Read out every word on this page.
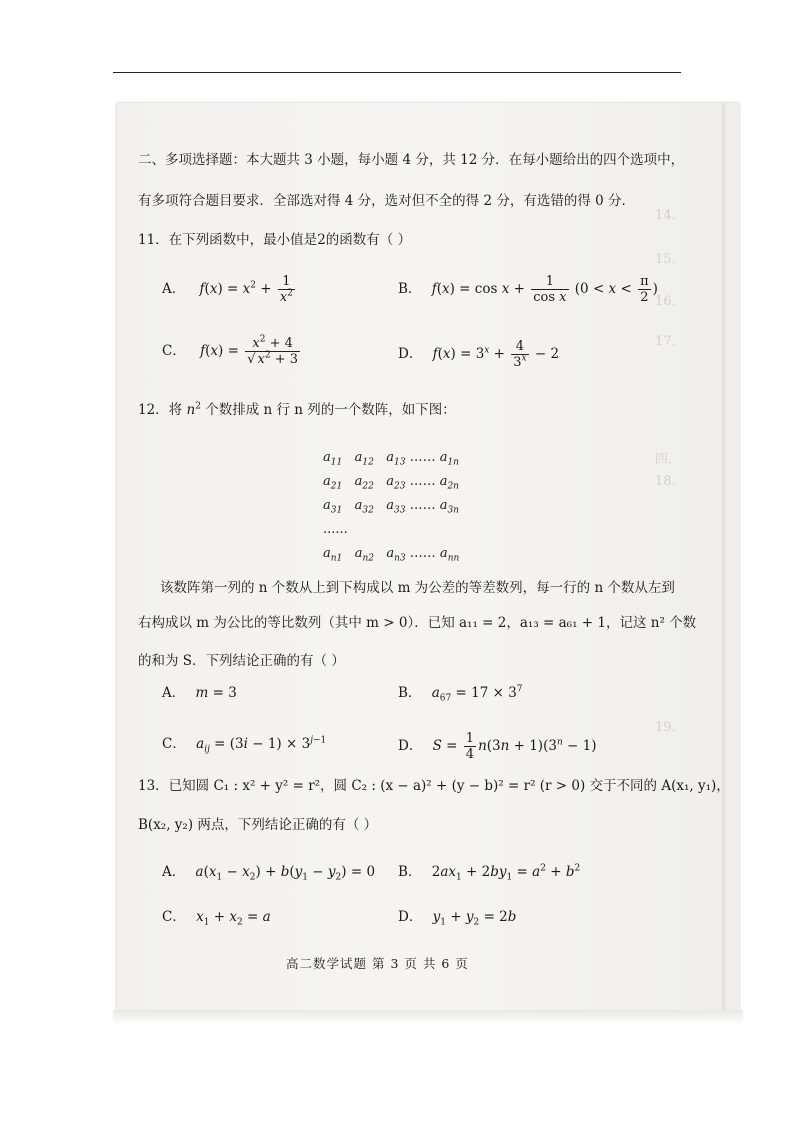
14．
15．
16．
17．
四．
18．
19．
二、多项选择题：本大题共 3 小题，每小题 4 分，共 12 分．在每小题给出的四个选项中，
有多项符合题目要求．全部选对得 4 分，选对但不全的得 2 分，有选错的得 0 分．
11．在下列函数中，最小值是2的函数有（ ）
A． $f(x) = x^2 + \frac{1}{x^2}$	B． $f(x) = \cos x + \frac{1}{\text{cos x}} (0 < x < \frac{\pi}{2}$ )
C． $f(x) = \frac{x^2 + 4}{√ x^2 + 3}$	D． $f(x) = 3^x + \frac{4}{3^x} - 2$
12．将 $n^2$ 个数排成 n 行 n 列的一个数阵，如下图：
$a_{11}$   $a_{12}$   $a_{13}$ …… $a_{1n}$
$a_{21}$   $a_{22}$   $a_{23}$ …… $a_{2n}$
$a_{31}$   $a_{32}$   $a_{33}$ …… $a_{3n}$
......
$a_{n1}$   $a_{n2}$   $a_{n3}$ …… $a_{nn}$
该数阵第一列的 n 个数从上到下构成以 m 为公差的等差数列，每一行的 n 个数从左到
右构成以 m 为公比的等比数列（其中 m > 0）．已知 a₁₁ = 2，a₁₃ = a₆₁ + 1，记这 n² 个数
的和为 S．下列结论正确的有（ ）
A． m = 3	B． $a_{67} = 17 \times 3^7$
C． $a_{ij} = (3i - 1) \times 3^{j-1}$	D． $S = \frac{1}{4} n(3n + 1)(3^n - 1)$
13．已知圆 C₁ : x² + y² = r²，圆 C₂ : (x − a)² + (y − b)² = r² (r > 0) 交于不同的 A(x₁, y₁)，
B(x₂, y₂) 两点，下列结论正确的有（ ）
A． $a(x_1 - x_2) + b(y_1 - y_2) = 0$ B． $2ax_1 + 2by_1 = a^2 + b^2$
C． $x_1 + x_2 = a$	D． $y_1 + y_2 = 2b$
高二数学试题 第 3 页 共 6 页
